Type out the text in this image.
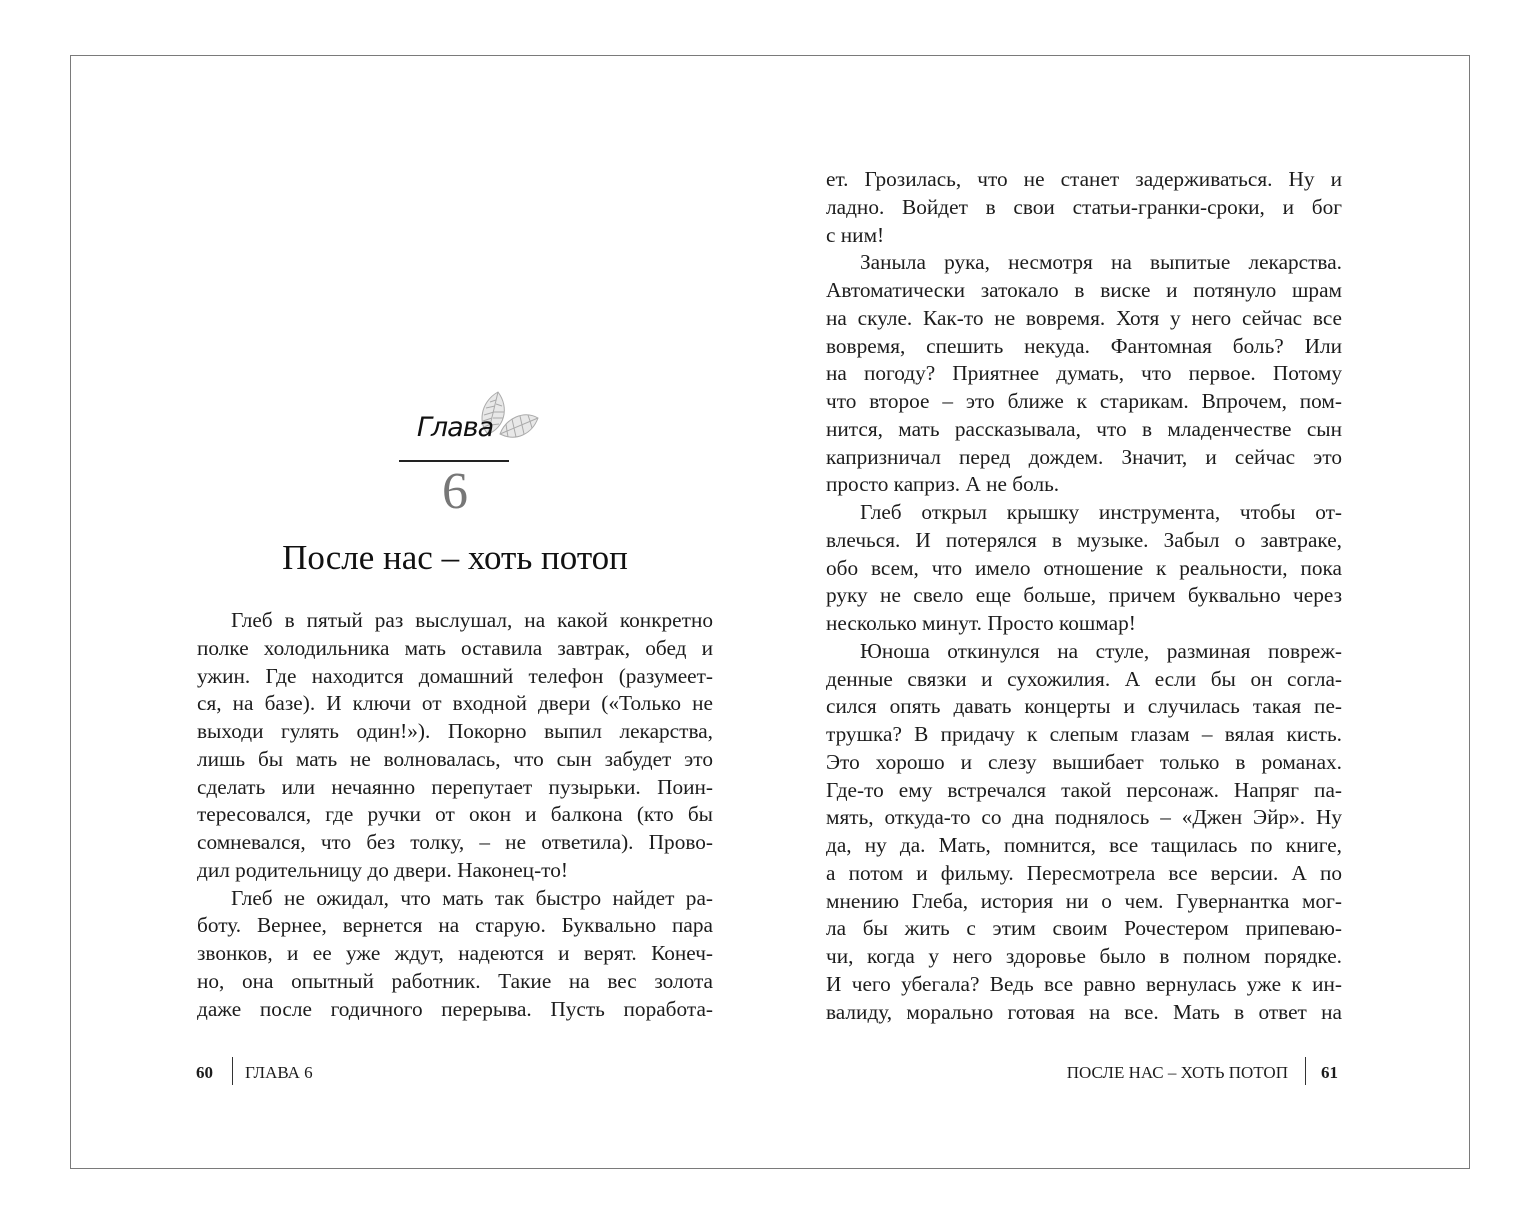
Глава
6
После нас – хоть потоп
Глеб в пятый раз выслушал, на какой конкретно
полке холодильника мать оставила завтрак, обед и
ужин. Где находится домашний телефон (разумеет-
ся, на базе). И ключи от входной двери («Только не
выходи гулять один!»). Покорно выпил лекарства,
лишь бы мать не волновалась, что сын забудет это
сделать или нечаянно перепутает пузырьки. Поин-
тересовался, где ручки от окон и балкона (кто бы
сомневался, что без толку, – не ответила). Прово-
дил родительницу до двери. Наконец-то!
Глеб не ожидал, что мать так быстро найдет ра-
боту. Вернее, вернется на старую. Буквально пара
звонков, и ее уже ждут, надеются и верят. Конеч-
но, она опытный работник. Такие на вес золота
даже после годичного перерыва. Пусть поработа-
ет. Грозилась, что не станет задерживаться. Ну и
ладно. Войдет в свои статьи-гранки-сроки, и бог
с ним!
Заныла рука, несмотря на выпитые лекарства.
Автоматически затокало в виске и потянуло шрам
на скуле. Как-то не вовремя. Хотя у него сейчас все
вовремя, спешить некуда. Фантомная боль? Или
на погоду? Приятнее думать, что первое. Потому
что второе – это ближе к старикам. Впрочем, пом-
нится, мать рассказывала, что в младенчестве сын
капризничал перед дождем. Значит, и сейчас это
просто каприз. А не боль.
Глеб открыл крышку инструмента, чтобы от-
влечься. И потерялся в музыке. Забыл о завтраке,
обо всем, что имело отношение к реальности, пока
руку не свело еще больше, причем буквально через
несколько минут. Просто кошмар!
Юноша откинулся на стуле, разминая повреж-
денные связки и сухожилия. А если бы он согла-
сился опять давать концерты и случилась такая пе-
трушка? В придачу к слепым глазам – вялая кисть.
Это хорошо и слезу вышибает только в романах.
Где-то ему встречался такой персонаж. Напряг па-
мять, откуда-то со дна поднялось – «Джен Эйр». Ну
да, ну да. Мать, помнится, все тащилась по книге,
а потом и фильму. Пересмотрела все версии. А по
мнению Глеба, история ни о чем. Гувернантка мог-
ла бы жить с этим своим Рочестером припеваю-
чи, когда у него здоровье было в полном порядке.
И чего убегала? Ведь все равно вернулась уже к ин-
валиду, морально готовая на все. Мать в ответ на
60 ГЛАВА 6	ПОСЛЕ НАС – ХОТЬ ПОТОП 61
